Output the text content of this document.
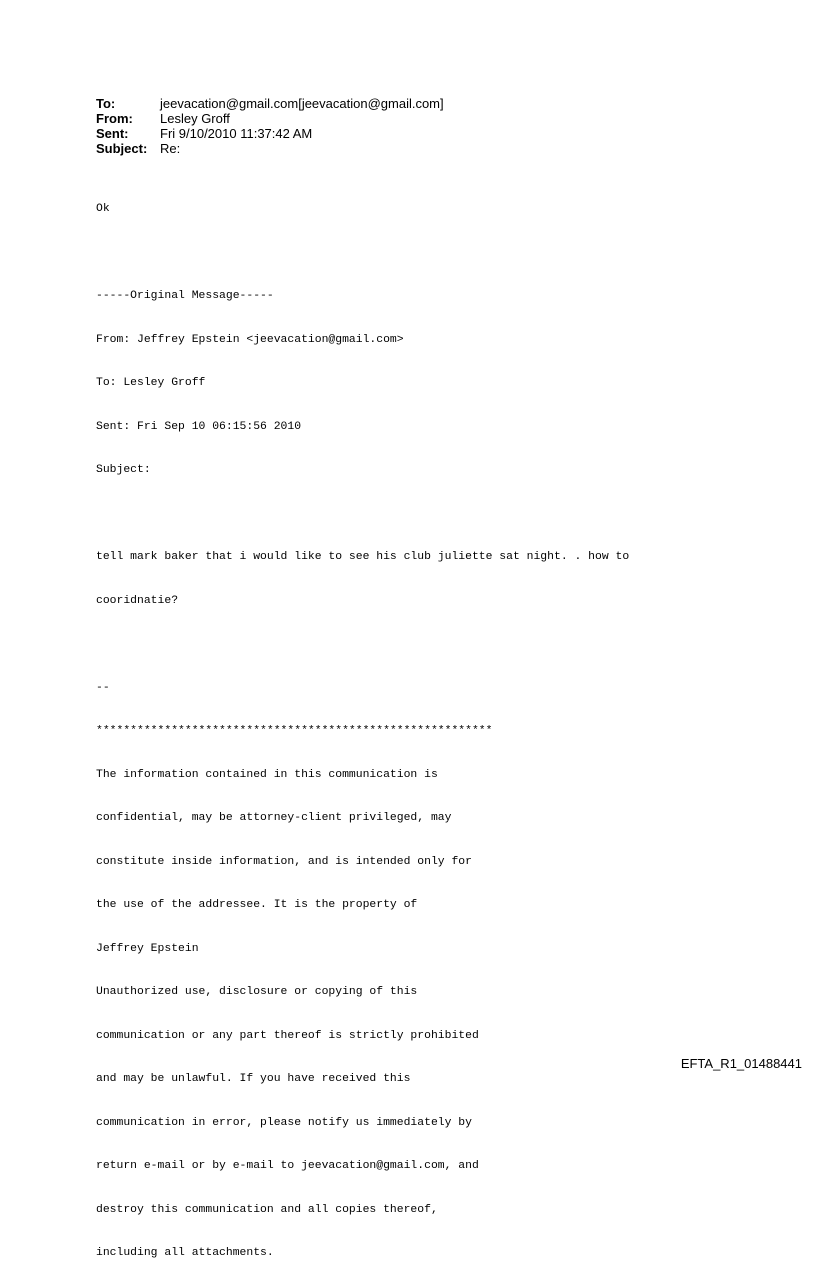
To:	jeevacation@gmail.com[jeevacation@gmail.com]
From:	Lesley Groff
Sent:	Fri 9/10/2010 11:37:42 AM
Subject: Re:

Ok

-----Original Message-----

From: Jeffrey Epstein <jeevacation@gmail.com>

To: Lesley Groff

Sent: Fri Sep 10 06:15:56 2010

Subject:

tell mark baker that i would like to see his club juliette sat night. . how to

cooridnatie?

--

**********************************************************

The information contained in this communication is

confidential, may be attorney-client privileged, may

constitute inside information, and is intended only for

the use of the addressee. It is the property of

Jeffrey Epstein

Unauthorized use, disclosure or copying of this

communication or any part thereof is strictly prohibited

and may be unlawful. If you have received this

communication in error, please notify us immediately by

return e-mail or by e-mail to jeevacation@gmail.com, and

destroy this communication and all copies thereof,

including all attachments.

EFTA_R1_01488441
